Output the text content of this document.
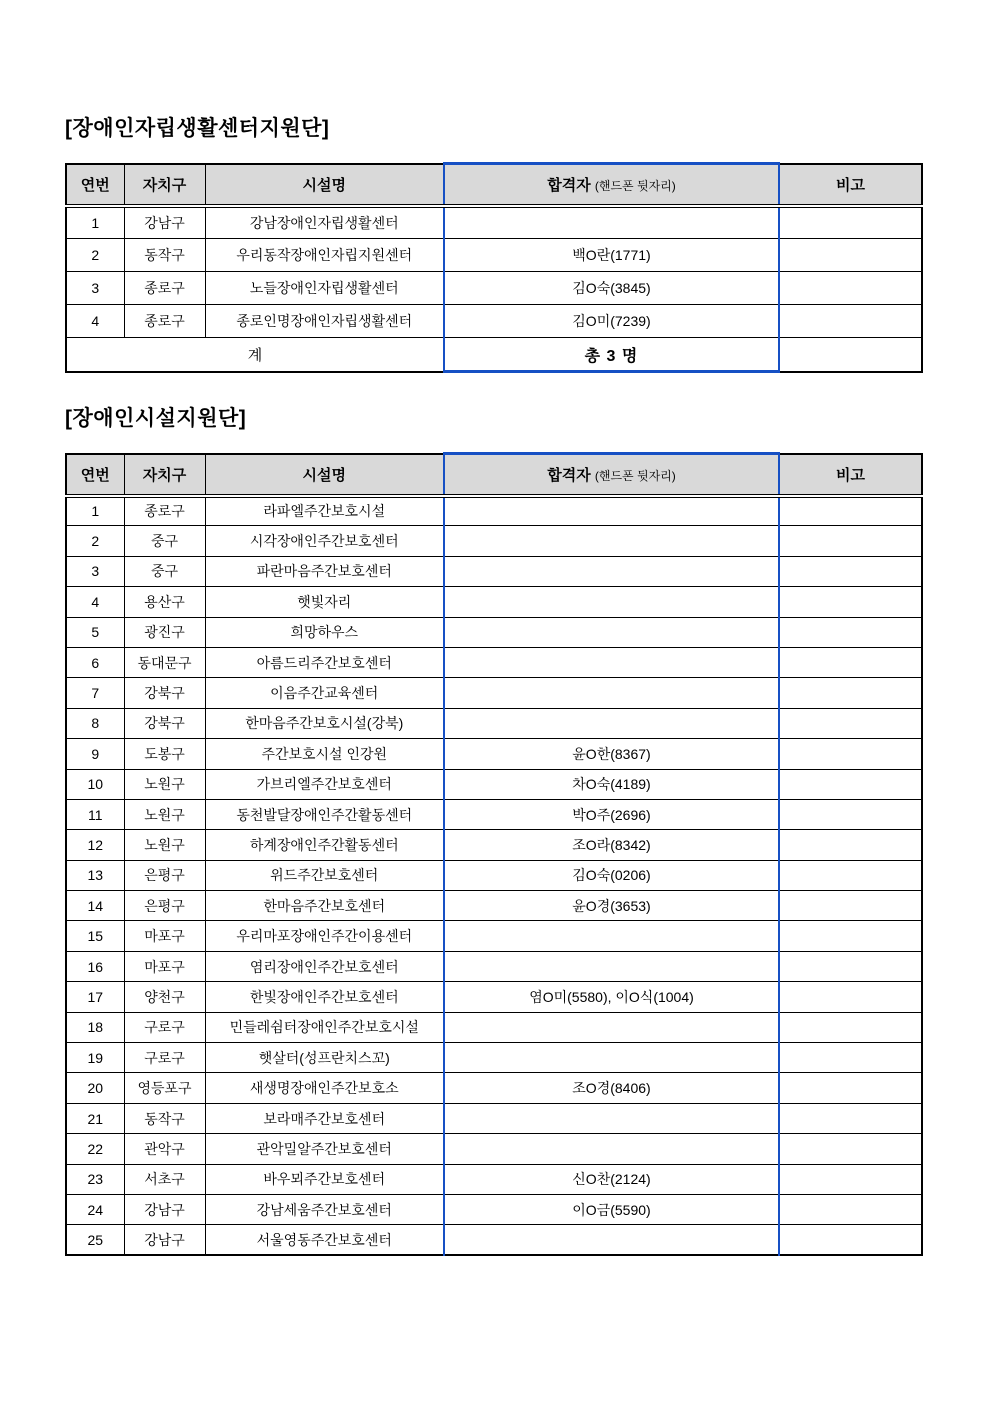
[장애인자립생활센터지원단]
연번	자치구	시설명	합격자 (핸드폰 뒷자리)	비고
1	강남구	강남장애인자립생활센터		
2	동작구	우리동작장애인자립지원센터	백O란(1771)	
3	종로구	노들장애인자립생활센터	김O숙(3845)	
4	종로구	종로인명장애인자립생활센터	김O미(7239)	
계			총 3 명	
[장애인시설지원단]
연번	자치구	시설명	합격자 (핸드폰 뒷자리)	비고
1	종로구	라파엘주간보호시설		
2	중구	시각장애인주간보호센터		
3	중구	파란마음주간보호센터		
4	용산구	햇빛자리		
5	광진구	희망하우스		
6	동대문구	아름드리주간보호센터		
7	강북구	이음주간교육센터		
8	강북구	한마음주간보호시설(강북)		
9	도봉구	주간보호시설 인강원	윤O한(8367)	
10	노원구	가브리엘주간보호센터	차O숙(4189)	
11	노원구	동천발달장애인주간활동센터	박O주(2696)	
12	노원구	하계장애인주간활동센터	조O라(8342)	
13	은평구	위드주간보호센터	김O숙(0206)	
14	은평구	한마음주간보호센터	윤O경(3653)	
15	마포구	우리마포장애인주간이용센터		
16	마포구	염리장애인주간보호센터		
17	양천구	한빛장애인주간보호센터	염O미(5580), 이O식(1004)	
18	구로구	민들레쉼터장애인주간보호시설		
19	구로구	햇살터(성프란치스꼬)		
20	영등포구	새생명장애인주간보호소	조O경(8406)	
21	동작구	보라매주간보호센터		
22	관악구	관악밀알주간보호센터		
23	서초구	바우뫼주간보호센터	신O찬(2124)	
24	강남구	강남세움주간보호센터	이O금(5590)	
25	강남구	서울영동주간보호센터		
